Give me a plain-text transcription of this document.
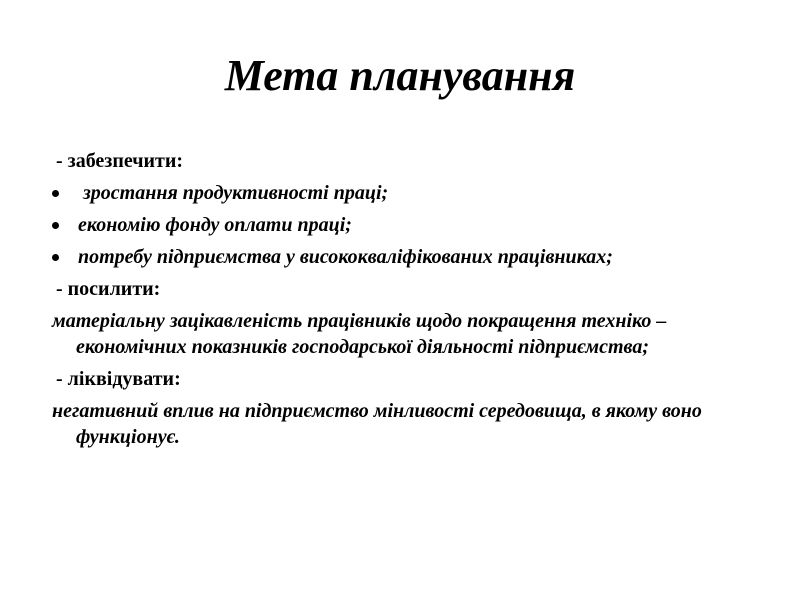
Мета планування
- забезпечити:
зростання продуктивності праці;
економію фонду оплати праці;
потребу підприємства у висококваліфікованих працівниках;
- посилити:
матеріальну зацікавленість працівників щодо покращення техніко – економічних показників господарської діяльності підприємства;
- ліквідувати:
негативний вплив на підприємство мінливості середовища, в якому воно функціонує.
